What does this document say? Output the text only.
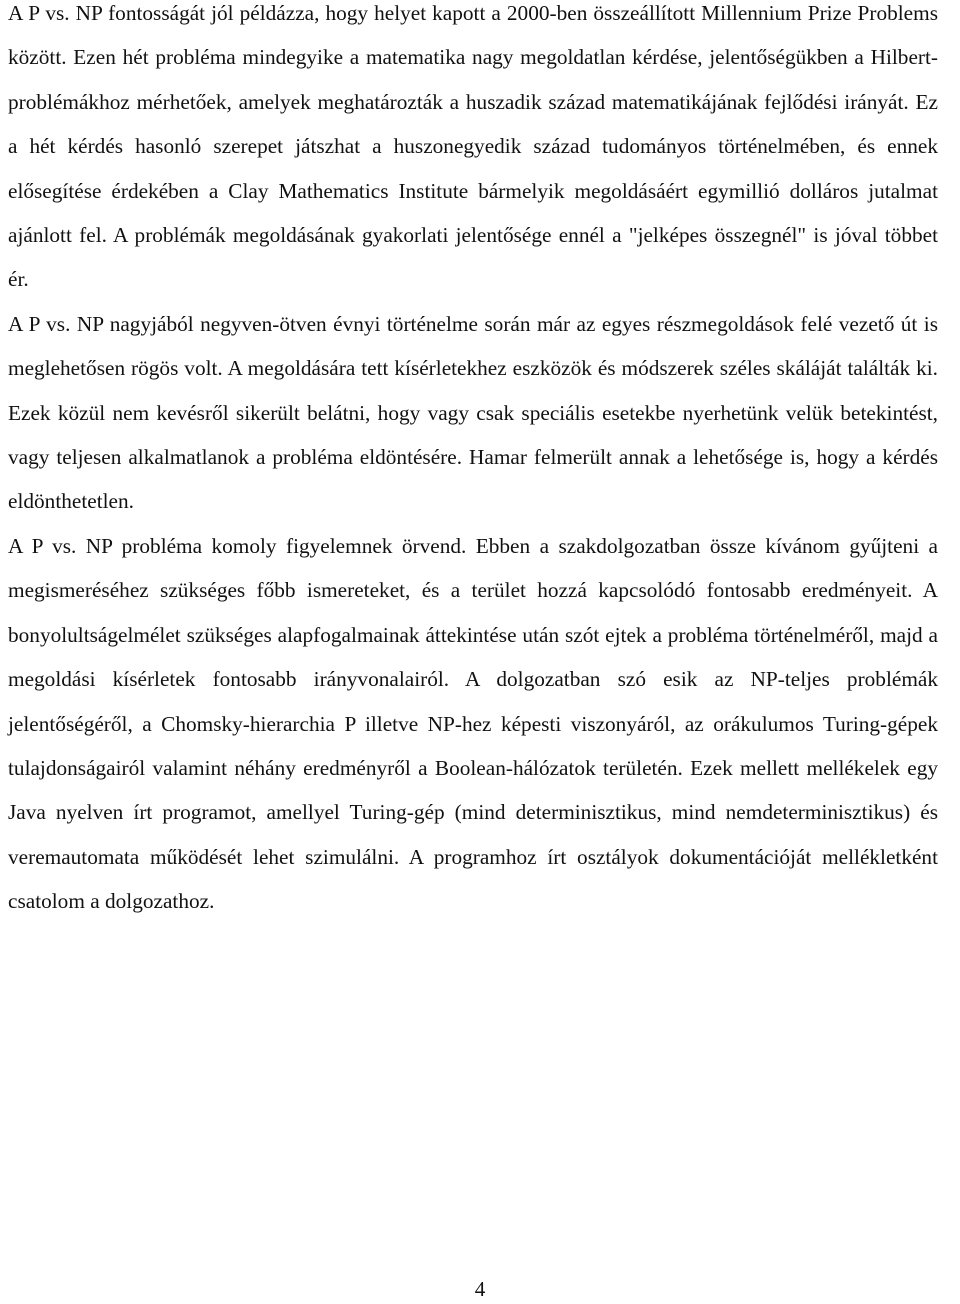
A P vs. NP fontosságát jól példázza, hogy helyet kapott a 2000-ben összeállított Millennium Prize Problems között. Ezen hét probléma mindegyike a matematika nagy megoldatlan kérdése, jelentőségükben a Hilbert-problémákhoz mérhetőek, amelyek meghatározták a huszadik század matematikájának fejlődési irányát. Ez a hét kérdés hasonló szerepet játszhat a huszonegyedik század tudományos történelmében, és ennek elősegítése érdekében a Clay Mathematics Institute bármelyik megoldásáért egymillió dolláros jutalmat ajánlott fel. A problémák megoldásának gyakorlati jelentősége ennél a "jelképes összegnél" is jóval többet ér.

A P vs. NP nagyjából negyven-ötven évnyi történelme során már az egyes részmegoldások felé vezető út is meglehetősen rögös volt. A megoldására tett kísérletekhez eszközök és módszerek széles skáláját találták ki. Ezek közül nem kevésről sikerült belátni, hogy vagy csak speciális esetekbe nyerhetünk velük betekintést, vagy teljesen alkalmatlanok a probléma eldöntésére. Hamar felmerült annak a lehetősége is, hogy a kérdés eldönthetetlen.

A P vs. NP probléma komoly figyelemnek örvend. Ebben a szakdolgozatban össze kívánom gyűjteni a megismeréséhez szükséges főbb ismereteket, és a terület hozzá kapcsolódó fontosabb eredményeit. A bonyolultságelmélet szükséges alapfogalmainak áttekintése után szót ejtek a probléma történelméről, majd a megoldási kísérletek fontosabb irányvonalairól. A dolgozatban szó esik az NP-teljes problémák jelentőségéről, a Chomsky-hierarchia P illetve NP-hez képesti viszonyáról, az orákulumos Turing-gépek tulajdonságairól valamint néhány eredményről a Boolean-hálózatok területén. Ezek mellett mellékelek egy Java nyelven írt programot, amellyel Turing-gép (mind determinisztikus, mind nemdeterminisztikus) és veremautomata működését lehet szimulálni. A programhoz írt osztályok dokumentációját mellékletként csatolom a dolgozathoz.

4
